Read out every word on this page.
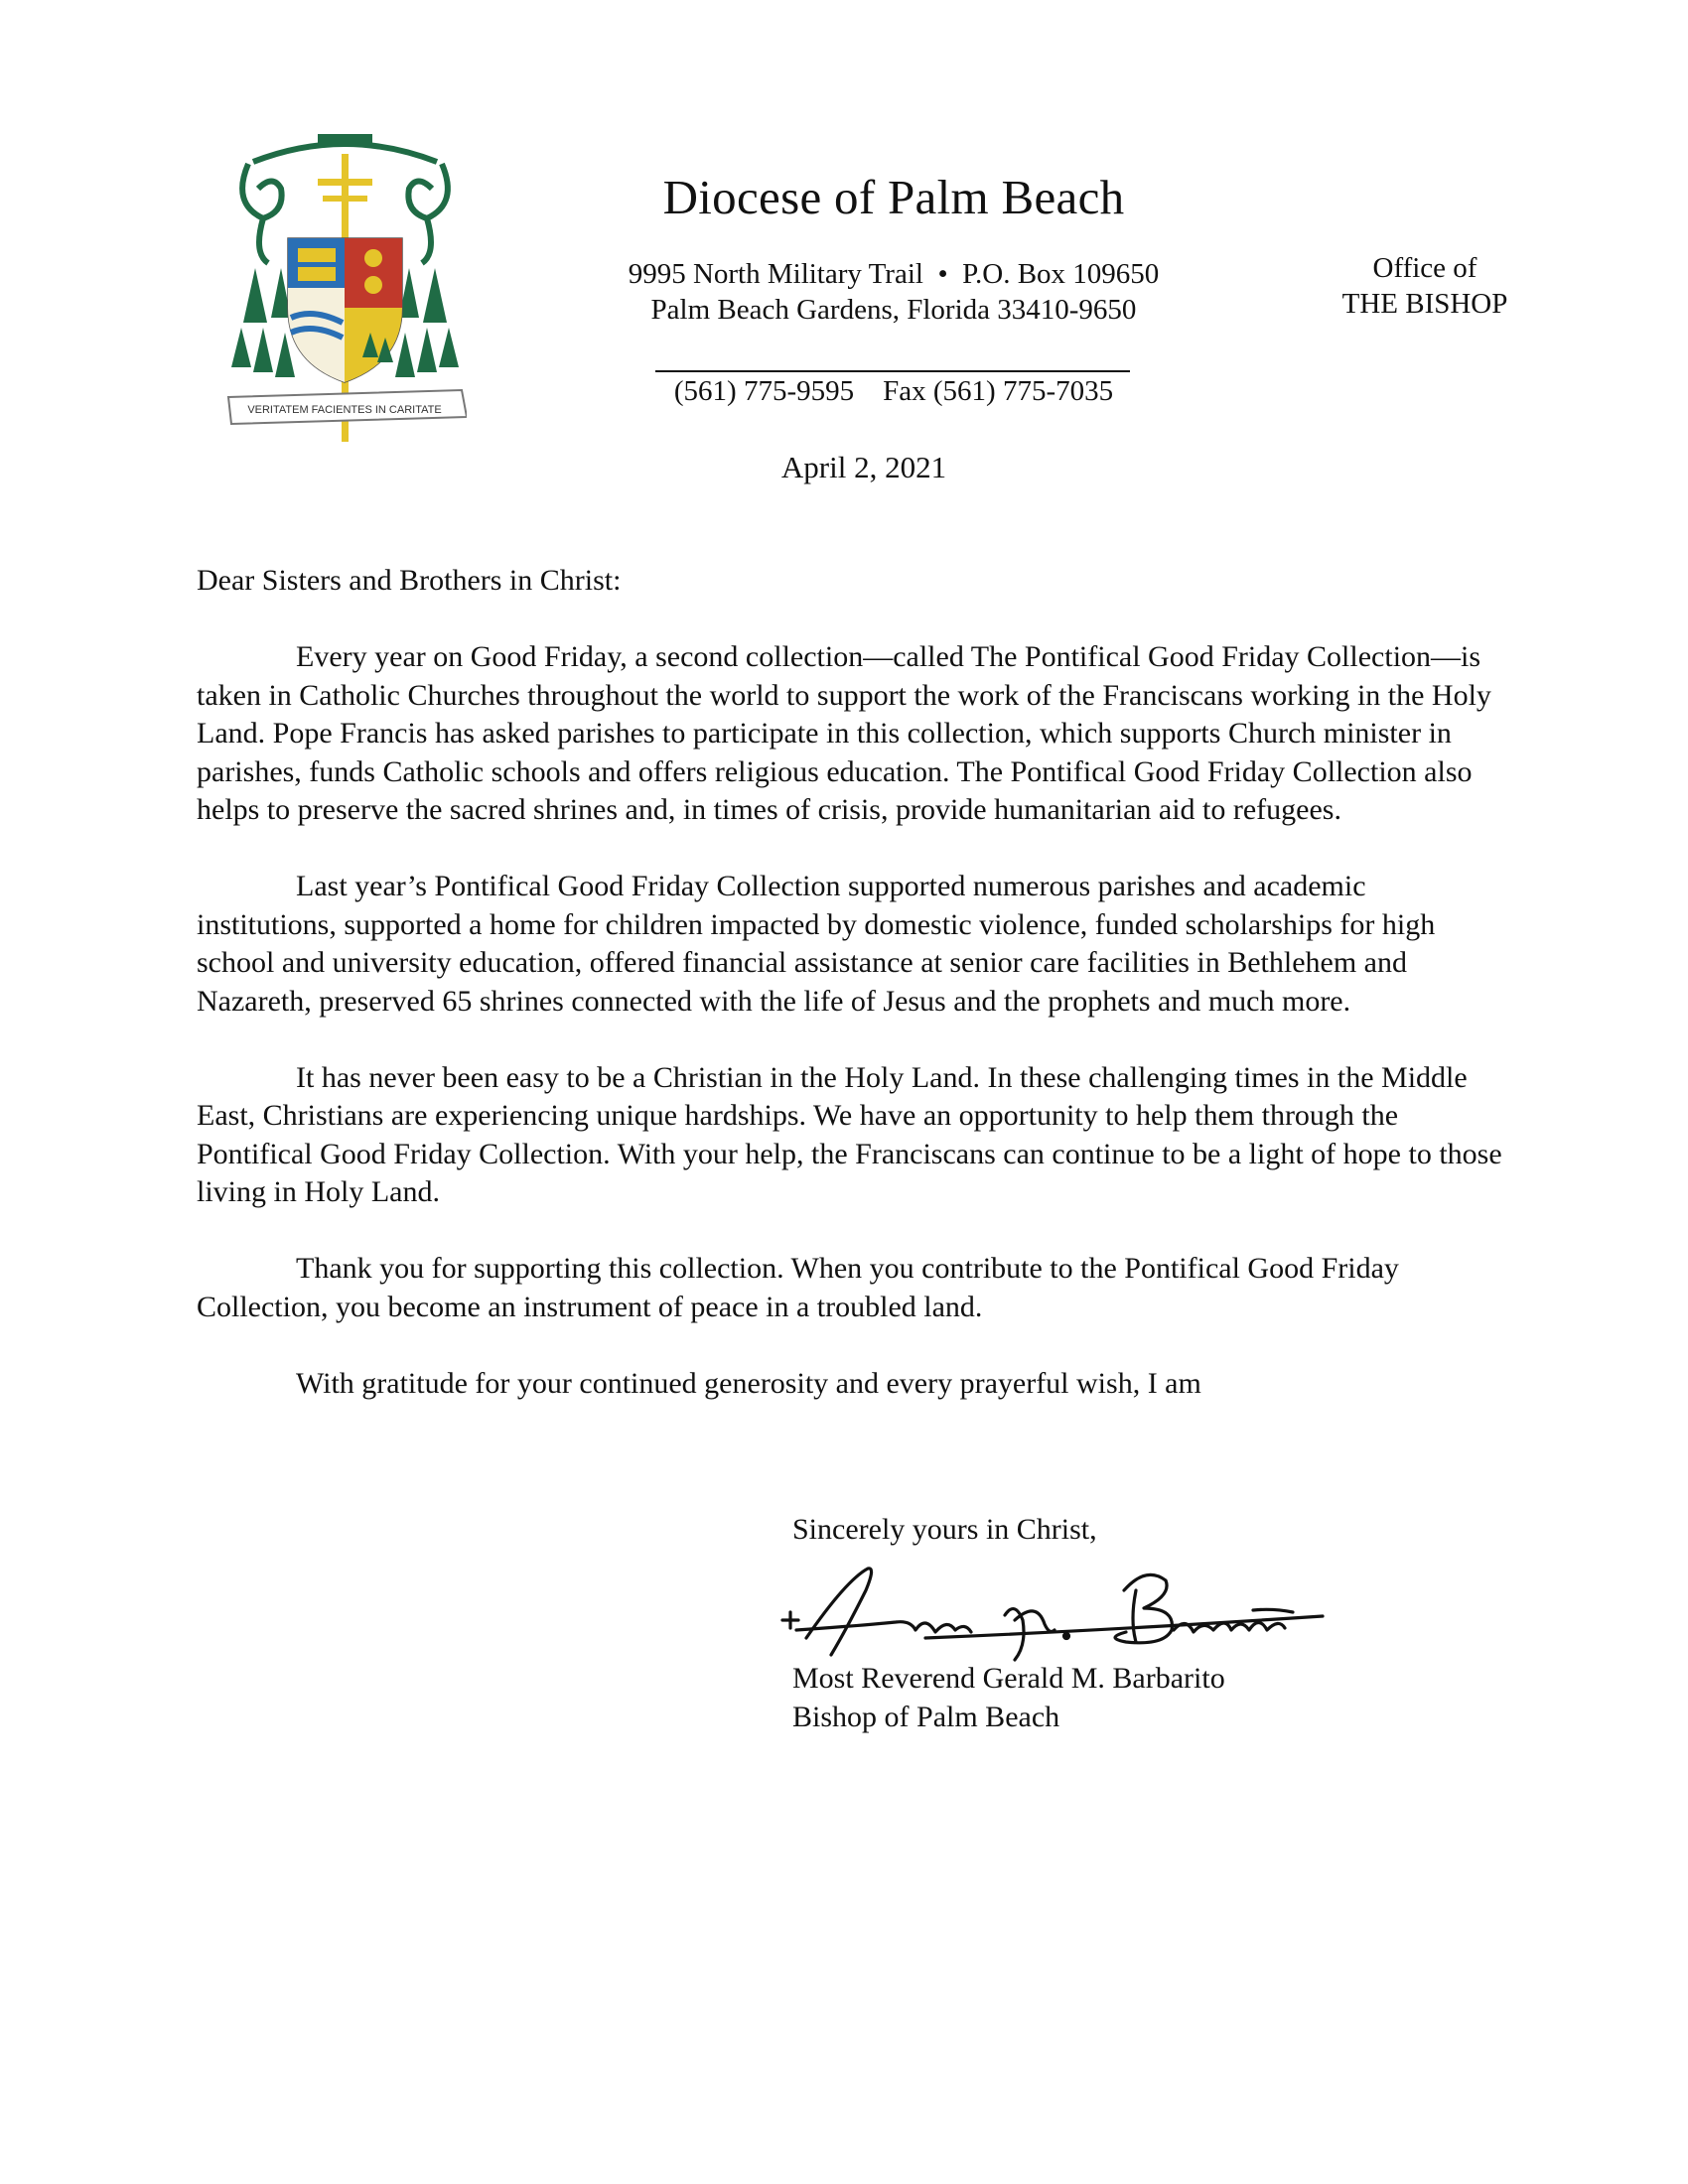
VERITATEM FACIENTES IN CARITATE
Diocese of Palm Beach
9995 North Military Trail  •  P.O. Box 109650
Palm Beach Gardens, Florida 33410-9650
Office of
THE BISHOP
(561) 775-9595 Fax (561) 775-7035
April 2, 2021

Dear Sisters and Brothers in Christ:

Every year on Good Friday, a second collection—called The Pontifical Good Friday Collection—is taken in Catholic Churches throughout the world to support the work of the Franciscans working in the Holy Land. Pope Francis has asked parishes to participate in this collection, which supports Church minister in parishes, funds Catholic schools and offers religious education. The Pontifical Good Friday Collection also helps to preserve the sacred shrines and, in times of crisis, provide humanitarian aid to refugees.

Last year’s Pontifical Good Friday Collection supported numerous parishes and academic institutions, supported a home for children impacted by domestic violence, funded scholarships for high school and university education, offered financial assistance at senior care facilities in Bethlehem and Nazareth, preserved 65 shrines connected with the life of Jesus and the prophets and much more.

It has never been easy to be a Christian in the Holy Land. In these challenging times in the Middle East, Christians are experiencing unique hardships. We have an opportunity to help them through the Pontifical Good Friday Collection. With your help, the Franciscans can continue to be a light of hope to those living in Holy Land.

Thank you for supporting this collection. When you contribute to the Pontifical Good Friday Collection, you become an instrument of peace in a troubled land.

With gratitude for your continued generosity and every prayerful wish, I am

Sincerely yours in Christ,
Most Reverend Gerald M. Barbarito
Bishop of Palm Beach
